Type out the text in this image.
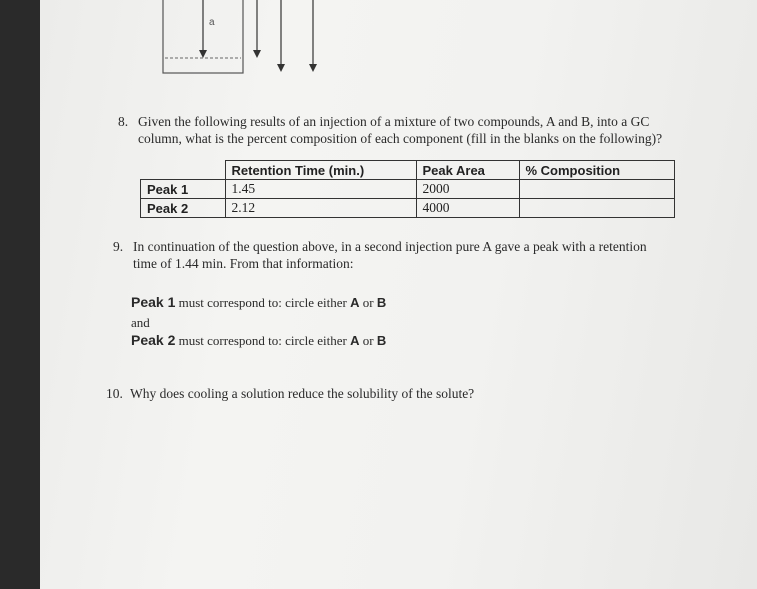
a
8. Given the following results of an injection of a mixture of two compounds, A and B, into a GC
column, what is the percent composition of each component (fill in the blanks on the following)?
	Retention Time (min.)	Peak Area	% Composition
Peak 1	1.45	2000	
Peak 2	2.12	4000	
9. In continuation of the question above, in a second injection pure A gave a peak with a retention
time of 1.44 min. From that information:
Peak 1 must correspond to: circle either A or B
and
Peak 2 must correspond to: circle either A or B
10. Why does cooling a solution reduce the solubility of the solute?
